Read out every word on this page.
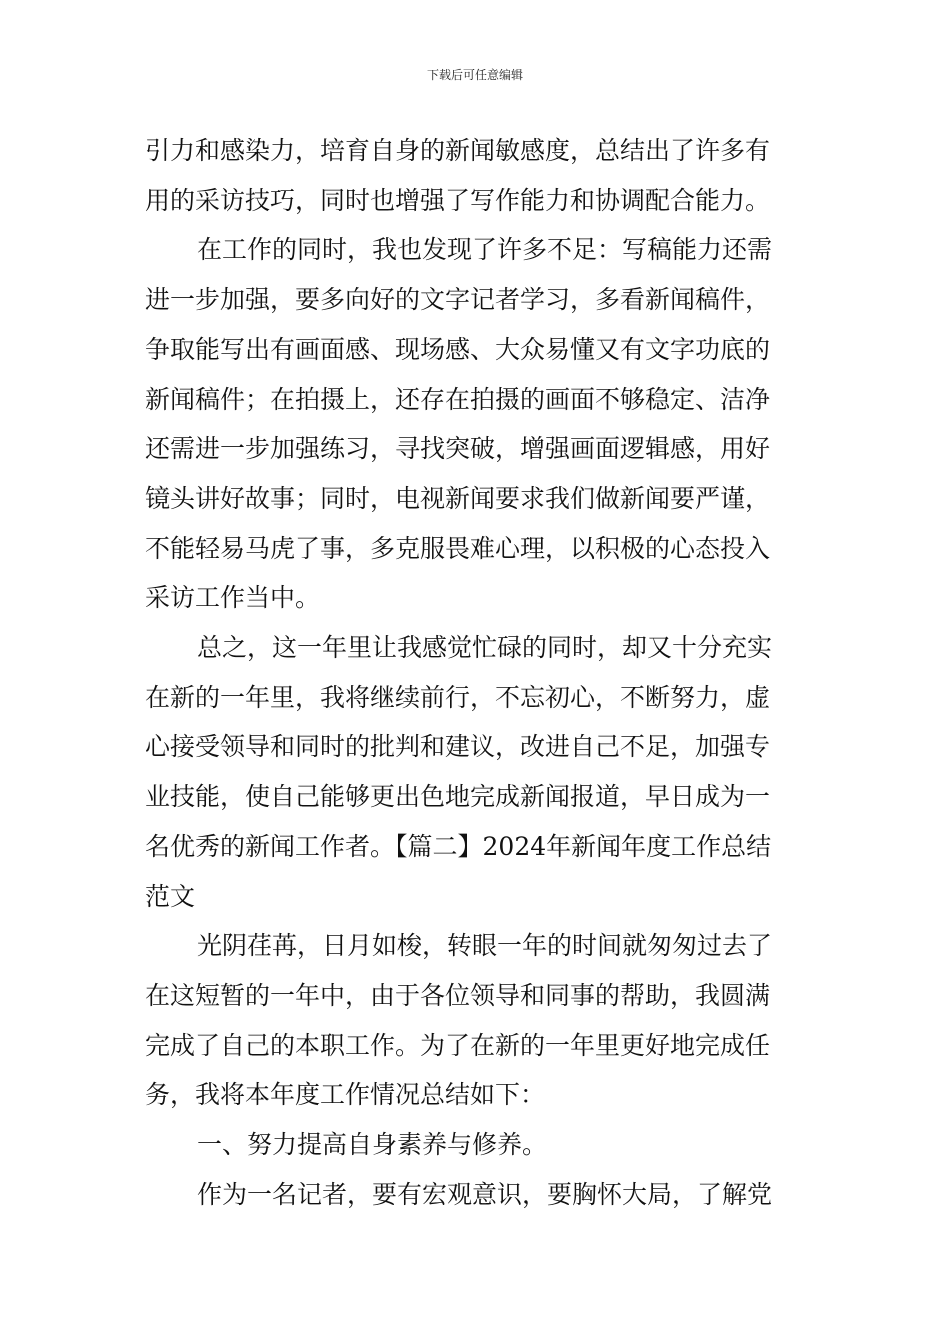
下载后可任意编辑
引力和感染力，培育自身的新闻敏感度，总结出了许多有
用的采访技巧，同时也增强了写作能力和协调配合能力。
在工作的同时，我也发现了许多不足：写稿能力还需
进一步加强，要多向好的文字记者学习，多看新闻稿件，
争取能写出有画面感、现场感、大众易懂又有文字功底的
新闻稿件；在拍摄上，还存在拍摄的画面不够稳定、洁净
还需进一步加强练习，寻找突破，增强画面逻辑感，用好
镜头讲好故事；同时，电视新闻要求我们做新闻要严谨，
不能轻易马虎了事，多克服畏难心理，以积极的心态投入
采访工作当中。
总之，这一年里让我感觉忙碌的同时，却又十分充实
在新的一年里，我将继续前行，不忘初心，不断努力，虚
心接受领导和同时的批判和建议，改进自己不足，加强专
业技能，使自己能够更出色地完成新闻报道，早日成为一
名优秀的新闻工作者。【篇二】2024年新闻年度工作总结
范文
光阴荏苒，日月如梭，转眼一年的时间就匆匆过去了
在这短暂的一年中，由于各位领导和同事的帮助，我圆满
完成了自己的本职工作。为了在新的一年里更好地完成任
务，我将本年度工作情况总结如下：
一、努力提高自身素养与修养。
作为一名记者，要有宏观意识，要胸怀大局，了解党
